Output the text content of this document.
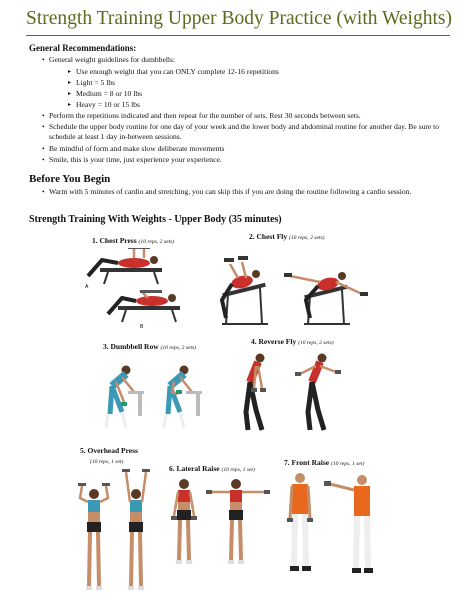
Strength Training Upper Body Practice (with Weights)
General Recommendations:
• General weight guidelines for dumbbells:
▸ Use enough weight that you can ONLY complete 12-16 repetitions
▸ Light = 5 lbs
▸ Medium = 8 or 10 lbs
▸ Heavy = 10 or 15 lbs
• Perform the repetitions indicated and then repeat for the number of sets. Rest 30 seconds between sets.
• Schedule the upper body routine for one day of your week and the lower body and abdominal routine for another day. Be sure to schedule at least 1 day in-between sessions.
• Be mindful of form and make slow deliberate movements
• Smile, this is your time, just experience your experience.
Before You Begin
• Warm with 5 minutes of cardio and stretching, you can skip this if you are doing the routine following a cardio session.
Strength Training With Weights - Upper Body (35 minutes)
1. Chest Press (10 reps, 2 sets)
2. Chest Fly (10 reps, 2 sets)
3. Dumbbell Row (10 reps, 2 sets)
4. Reverse Fly (10 reps, 2 sets)
5. Overhead Press
(10 reps, 1 set)
6. Lateral Raise (10 reps, 1 set)
7. Front Raise (10 reps, 1 set)
A
B
